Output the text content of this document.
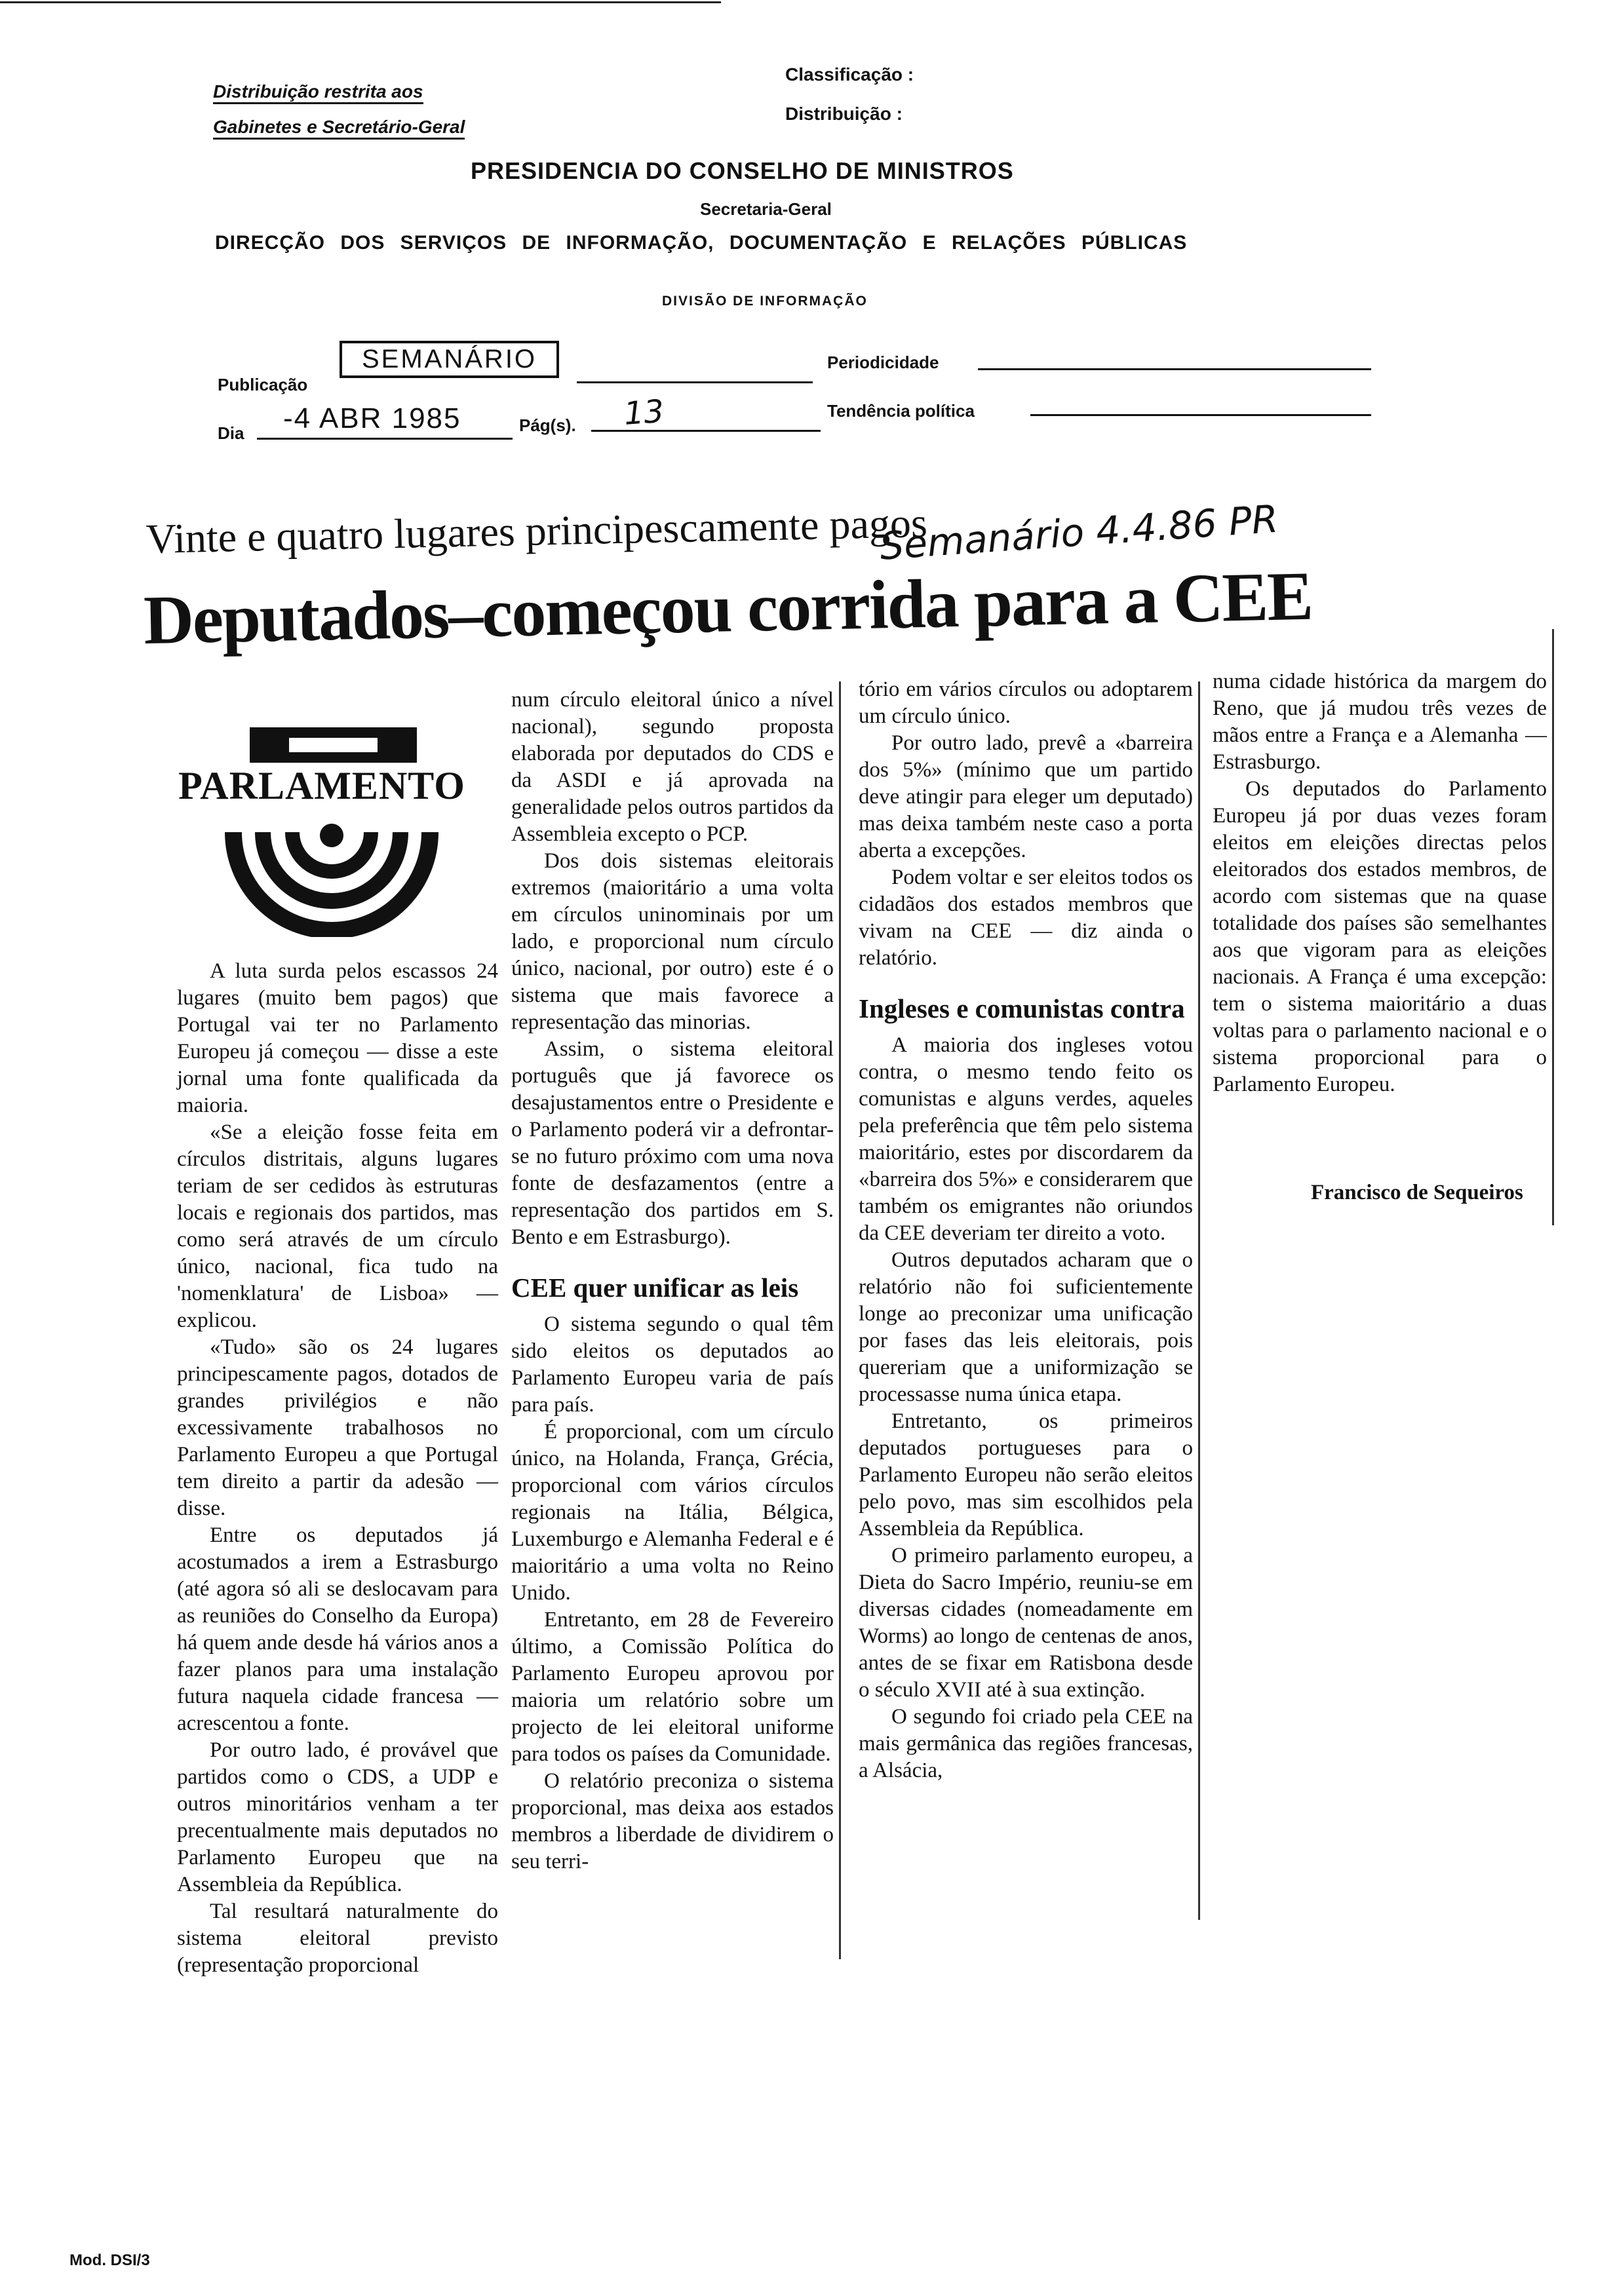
Distribuição restrita aos
Gabinetes e Secretário-Geral
Classificação :
Distribuição :
PRESIDENCIA DO CONSELHO DE MINISTROS
Secretaria-Geral
DIRECÇÃO DOS SERVIÇOS DE INFORMAÇÃO, DOCUMENTAÇÃO E RELAÇÕES PÚBLICAS
DIVISÃO DE INFORMAÇÃO
Publicação
SEMANÁRIO	Periodicidade
Dia -4 ABR 1985	Pág(s). 13	Tendência política
Vinte e quatro lugares principescamente pagos
Semanário 4.4.86 PR
Deputados–começou corrida para a CEE
PARLAMENTO

A luta surda pelos escassos 24 lugares (muito bem pagos) que Portugal vai ter no Parlamento Europeu já começou — disse a este jornal uma fonte qualificada da maioria.

«Se a eleição fosse feita em círculos distritais, alguns lugares teriam de ser cedidos às estruturas locais e regionais dos partidos, mas como será através de um círculo único, nacional, fica tudo na 'nomenklatura' de Lisboa» — explicou.

«Tudo» são os 24 lugares principescamente pagos, dotados de grandes privilégios e não excessivamente trabalhosos no Parlamento Europeu a que Portugal tem direito a partir da adesão — disse.

Entre os deputados já acostumados a irem a Estrasburgo (até agora só ali se deslocavam para as reuniões do Conselho da Europa) há quem ande desde há vários anos a fazer planos para uma instalação futura naquela cidade francesa — acrescentou a fonte.

Por outro lado, é provável que partidos como o CDS, a UDP e outros minoritários venham a ter precentualmente mais deputados no Parlamento Europeu que na Assembleia da República.

Tal resultará naturalmente do sistema eleitoral previsto (representação proporcional

num círculo eleitoral único a nível nacional), segundo proposta elaborada por deputados do CDS e da ASDI e já aprovada na generalidade pelos outros partidos da Assembleia excepto o PCP.

Dos dois sistemas eleitorais extremos (maioritário a uma volta em círculos uninominais por um lado, e proporcional num círculo único, nacional, por outro) este é o sistema que mais favorece a representação das minorias.

Assim, o sistema eleitoral português que já favorece os desajustamentos entre o Presidente e o Parlamento poderá vir a defrontar-se no futuro próximo com uma nova fonte de desfazamentos (entre a representação dos partidos em S. Bento e em Estrasburgo).

CEE quer unificar as leis

O sistema segundo o qual têm sido eleitos os deputados ao Parlamento Europeu varia de país para país.

É proporcional, com um círculo único, na Holanda, França, Grécia, proporcional com vários círculos regionais na Itália, Bélgica, Luxemburgo e Alemanha Federal e é maioritário a uma volta no Reino Unido.

Entretanto, em 28 de Fevereiro último, a Comissão Política do Parlamento Europeu aprovou por maioria um relatório sobre um projecto de lei eleitoral uniforme para todos os países da Comunidade.

O relatório preconiza o sistema proporcional, mas deixa aos estados membros a liberdade de dividirem o seu terri-

tório em vários círculos ou adoptarem um círculo único.

Por outro lado, prevê a «barreira dos 5%» (mínimo que um partido deve atingir para eleger um deputado) mas deixa também neste caso a porta aberta a excepções.

Podem voltar e ser eleitos todos os cidadãos dos estados membros que vivam na CEE — diz ainda o relatório.

Ingleses e comunistas contra

A maioria dos ingleses votou contra, o mesmo tendo feito os comunistas e alguns verdes, aqueles pela preferência que têm pelo sistema maioritário, estes por discordarem da «barreira dos 5%» e considerarem que também os emigrantes não oriundos da CEE deveriam ter direito a voto.

Outros deputados acharam que o relatório não foi suficientemente longe ao preconizar uma unificação por fases das leis eleitorais, pois quereriam que a uniformização se processasse numa única etapa.

Entretanto, os primeiros deputados portugueses para o Parlamento Europeu não serão eleitos pelo povo, mas sim escolhidos pela Assembleia da República.

O primeiro parlamento europeu, a Dieta do Sacro Império, reuniu-se em diversas cidades (nomeadamente em Worms) ao longo de centenas de anos, antes de se fixar em Ratisbona desde o século XVII até à sua extinção.

O segundo foi criado pela CEE na mais germânica das regiões francesas, a Alsácia,

numa cidade histórica da margem do Reno, que já mudou três vezes de mãos entre a França e a Alemanha — Estrasburgo.

Os deputados do Parlamento Europeu já por duas vezes foram eleitos em eleições directas pelos eleitorados dos estados membros, de acordo com sistemas que na quase totalidade dos países são semelhantes aos que vigoram para as eleições nacionais. A França é uma excepção: tem o sistema maioritário a duas voltas para o parlamento nacional e o sistema proporcional para o Parlamento Europeu.

Francisco de Sequeiros
Mod. DSI/3
